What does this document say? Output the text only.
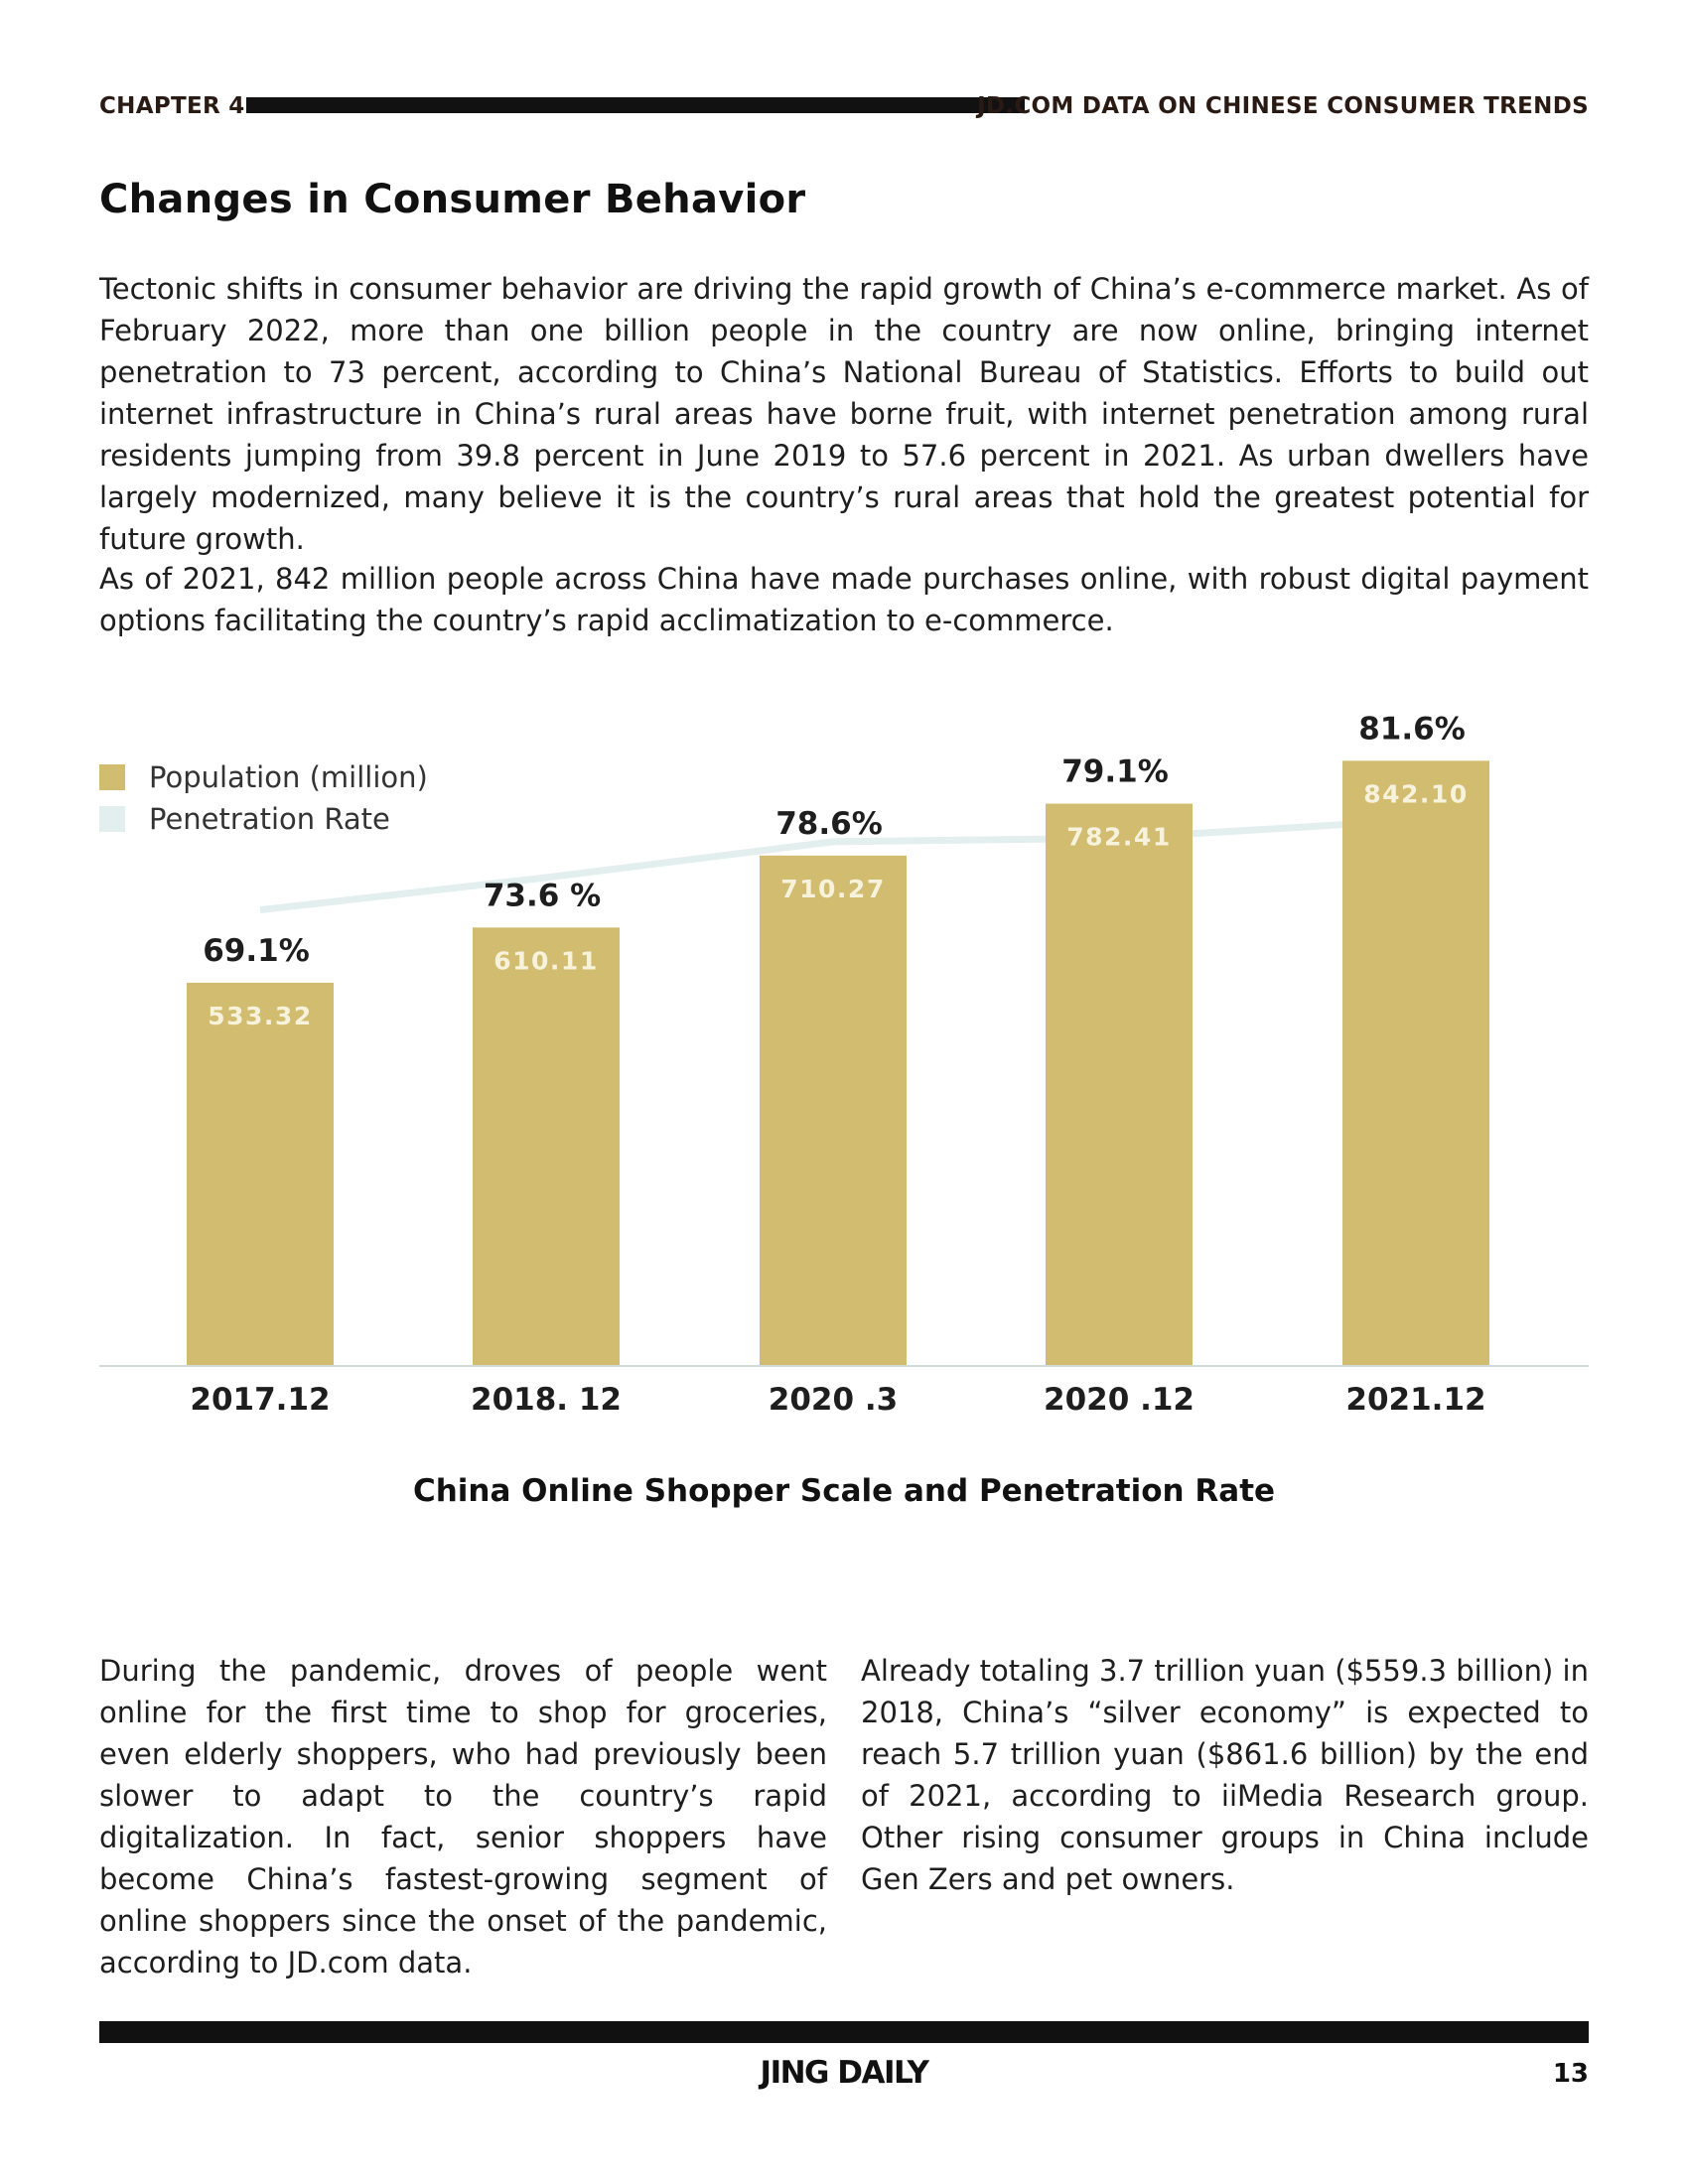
CHAPTER 4	JD.COM DATA ON CHINESE CONSUMER TRENDS
Changes in Consumer Behavior

Tectonic shifts in consumer behavior are driving the rapid growth of China’s e-commerce market. As of February 2022, more than one billion people in the country are now online, bringing internet penetration to 73 percent, according to China’s National Bureau of Statistics. Efforts to build out internet infrastructure in China’s rural areas have borne fruit, with internet penetration among rural residents jumping from 39.8 percent in June 2019 to 57.6 percent in 2021. As urban dwellers have largely modernized, many believe it is the country’s rural areas that hold the greatest potential for future growth.

As of 2021, 842 million people across China have made purchases online, with robust digital payment options facilitating the country’s rapid acclimatization to e-commerce.

Population (million)
Penetration Rate
533.32
610.11
710.27
782.41
842.10
69.1%
73.6 %
78.6%
79.1%
81.6%
2017.12	2018. 12	2020 .3	2020 .12	2021.12

China Online Shopper Scale and Penetration Rate

During the pandemic, droves of people went online for the first time to shop for groceries, even elderly shoppers, who had previously been slower to adapt to the country’s rapid digitalization. In fact, senior shoppers have become China’s fastest-growing segment of online shoppers since the onset of the pandemic, according to JD.com data.

Already totaling 3.7 trillion yuan ($559.3 billion) in 2018, China’s “silver economy” is expected to reach 5.7 trillion yuan ($861.6 billion) by the end of 2021, according to iiMedia Research group. Other rising consumer groups in China include Gen Zers and pet owners.

JING DAILY	13
